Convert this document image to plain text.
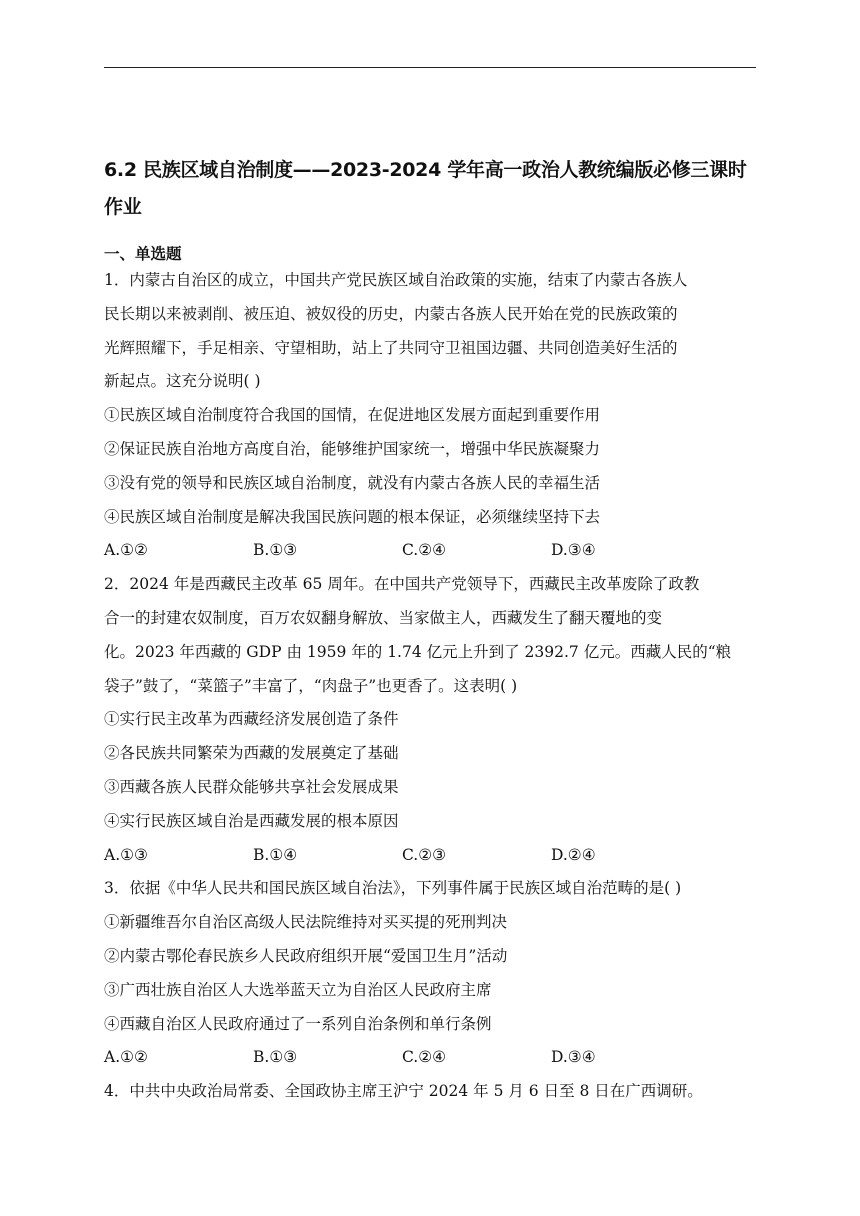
6.2 民族区域自治制度——2023-2024 学年高一政治人教统编版必修三课时
作业
一、单选题
1．内蒙古自治区的成立，中国共产党民族区域自治政策的实施，结束了内蒙古各族人
民长期以来被剥削、被压迫、被奴役的历史，内蒙古各族人民开始在党的民族政策的
光辉照耀下，手足相亲、守望相助，站上了共同守卫祖国边疆、共同创造美好生活的
新起点。这充分说明( )
①民族区域自治制度符合我国的国情，在促进地区发展方面起到重要作用
②保证民族自治地方高度自治，能够维护国家统一，增强中华民族凝聚力
③没有党的领导和民族区域自治制度，就没有内蒙古各族人民的幸福生活
④民族区域自治制度是解决我国民族问题的根本保证，必须继续坚持下去
A.①②	B.①③	C.②④	D.③④
2．2024 年是西藏民主改革 65 周年。在中国共产党领导下，西藏民主改革废除了政教
合一的封建农奴制度，百万农奴翻身解放、当家做主人，西藏发生了翻天覆地的变
化。2023 年西藏的 GDP 由 1959 年的 1.74 亿元上升到了 2392.7 亿元。西藏人民的“粮
袋子”鼓了，“菜篮子”丰富了，“肉盘子”也更香了。这表明( )
①实行民主改革为西藏经济发展创造了条件
②各民族共同繁荣为西藏的发展奠定了基础
③西藏各族人民群众能够共享社会发展成果
④实行民族区域自治是西藏发展的根本原因
A.①③	B.①④	C.②③	D.②④
3．依据《中华人民共和国民族区域自治法》，下列事件属于民族区域自治范畴的是( )
①新疆维吾尔自治区高级人民法院维持对买买提的死刑判决
②内蒙古鄂伦春民族乡人民政府组织开展“爱国卫生月”活动
③广西壮族自治区人大选举蓝天立为自治区人民政府主席
④西藏自治区人民政府通过了一系列自治条例和单行条例
A.①②	B.①③	C.②④	D.③④
4．中共中央政治局常委、全国政协主席王沪宁 2024 年 5 月 6 日至 8 日在广西调研。
